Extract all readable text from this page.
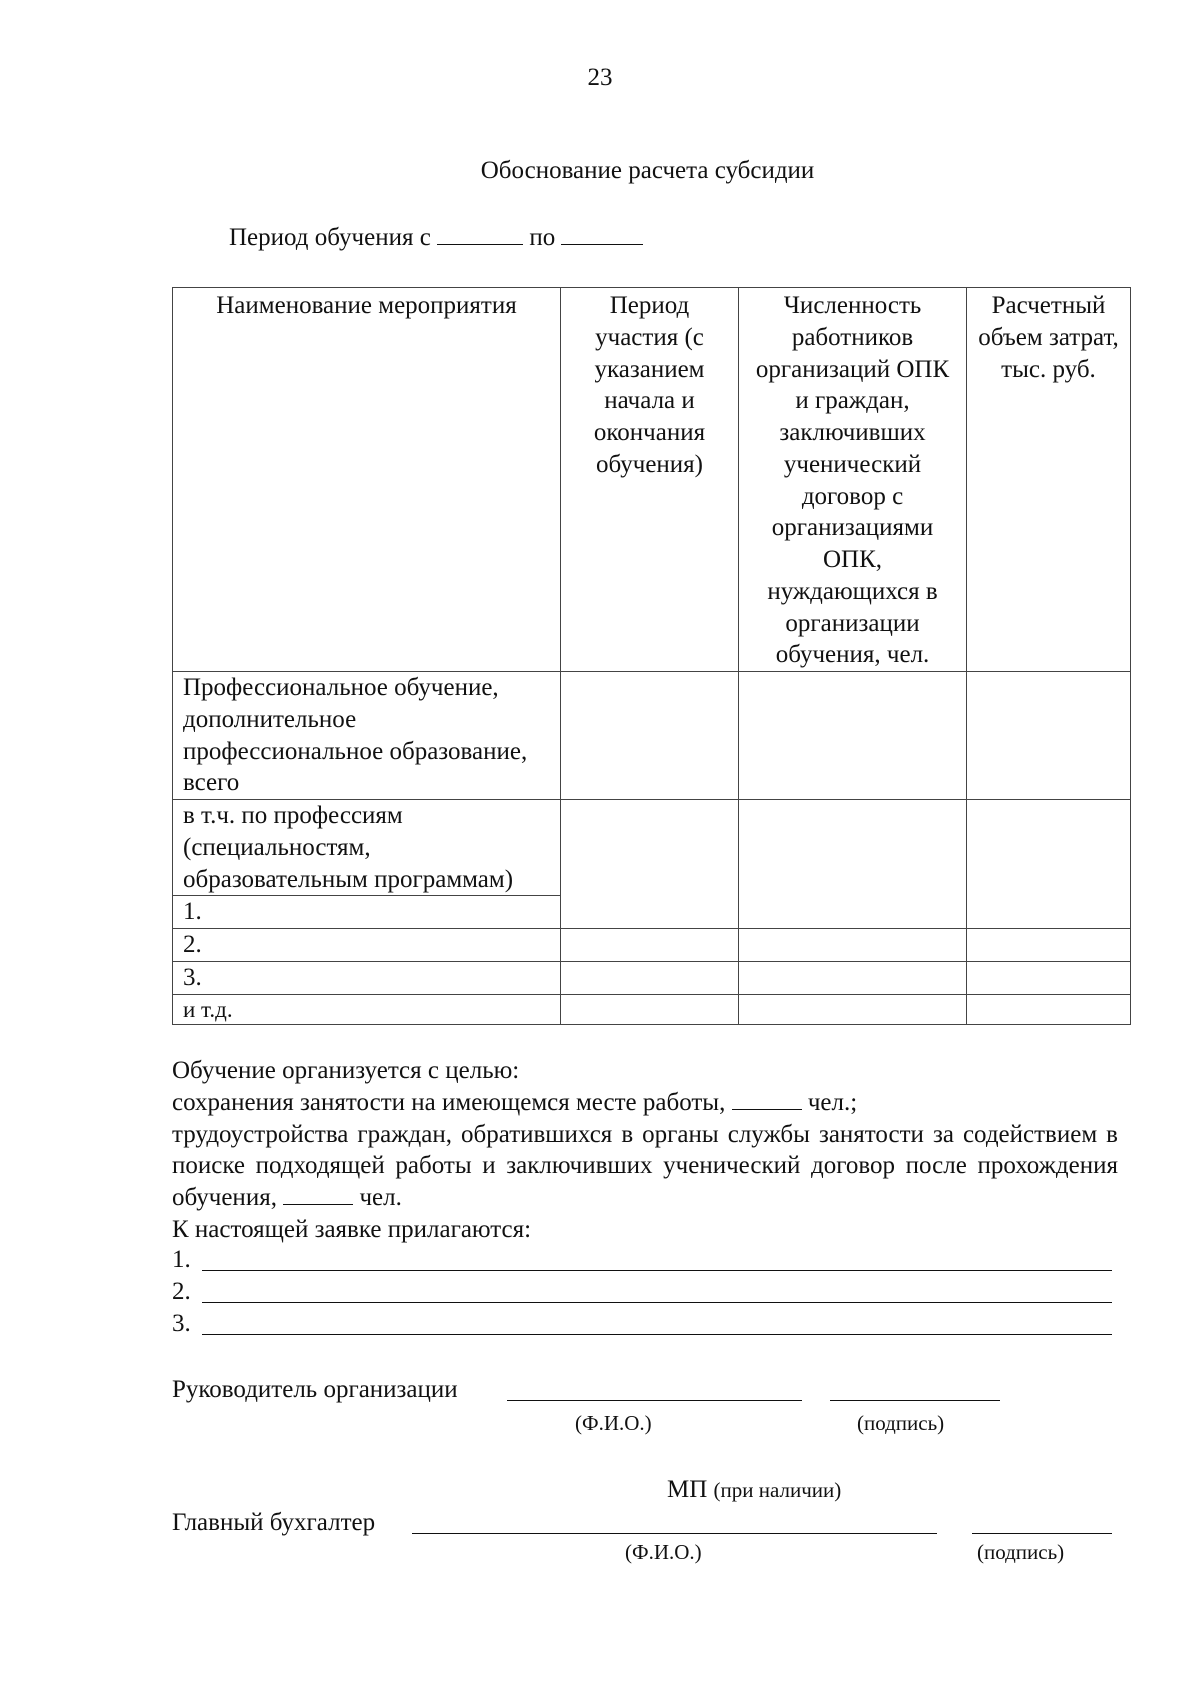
23
Обоснование расчета субсидии
Период обучения с	по
Наименование мероприятия	Период участия (с указанием начала и окончания обучения)	Численность работников организаций ОПК и граждан, заключивших ученический договор с организациями ОПК, нуждающихся в организации обучения, чел.	Расчетный объем затрат, тыс. руб.
Профессиональное обучение, дополнительное профессиональное образование, всего			
в т.ч. по профессиям (специальностям, образовательным программам)			
1.			
2.			
3.			
и т.д.			

Обучение организуется с целью:

сохранения занятости на имеющемся месте работы,	чел.;

трудоустройства граждан, обратившихся в органы службы занятости за содействием в поиске подходящей работы и заключивших ученический договор после прохождения обучения,	чел.

К настоящей заявке прилагаются:

1.
2.
3.
Руководитель организации
(Ф.И.О.)	(подпись)
МП (при наличии)
Главный бухгалтер
(Ф.И.О.)	(подпись)
